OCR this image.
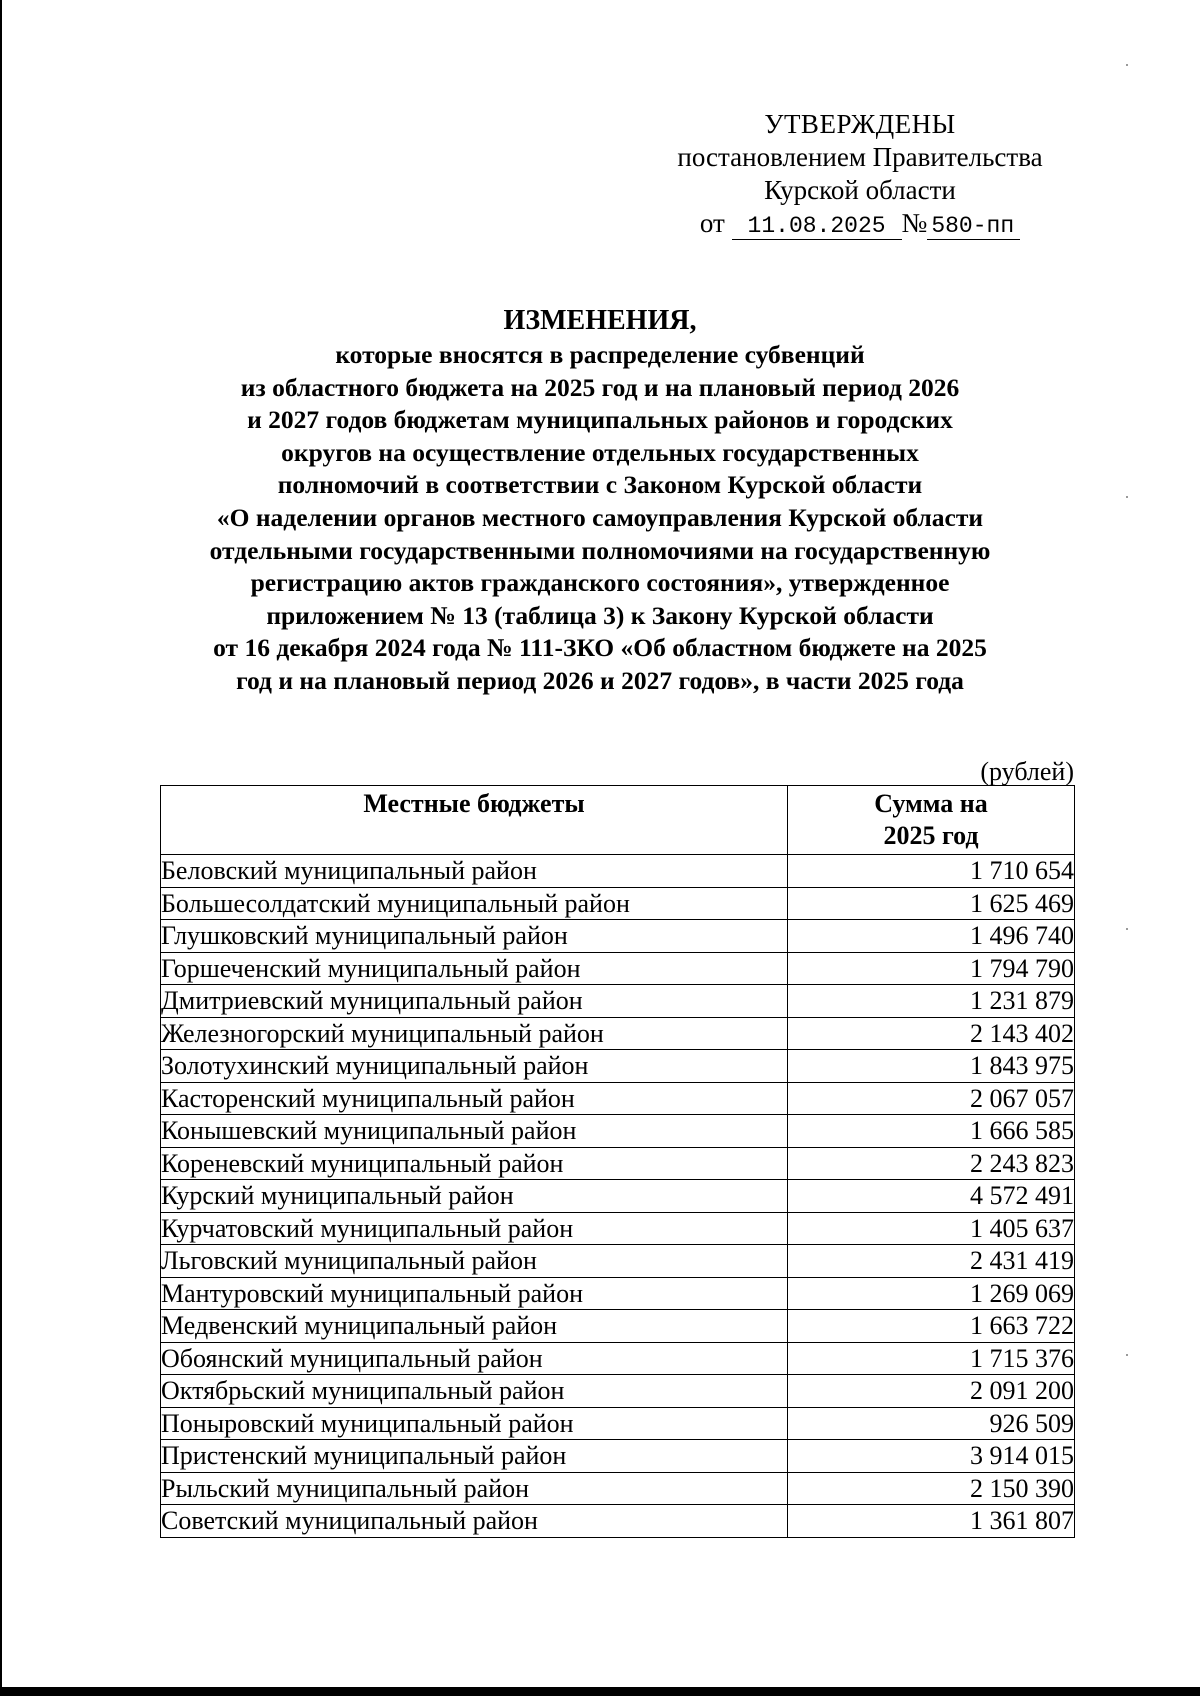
УТВЕРЖДЕНЫ
постановлением Правительства
Курской области
от 11.08.2025 № 580-пп
ИЗМЕНЕНИЯ,
которые вносятся в распределение субвенций
из областного бюджета на 2025 год и на плановый период 2026
и 2027 годов бюджетам муниципальных районов и городских
округов на осуществление отдельных государственных
полномочий в соответствии с Законом Курской области
«О наделении органов местного самоуправления Курской области
отдельными государственными полномочиями на государственную
регистрацию актов гражданского состояния», утвержденное
приложением № 13 (таблица 3) к Закону Курской области
от 16 декабря 2024 года № 111-ЗКО «Об областном бюджете на 2025
год и на плановый период 2026 и 2027 годов», в части 2025 года
(рублей)
Местные бюджеты	Сумма на
2025 год

Беловский муниципальный район	1 710 654
Большесолдатский муниципальный район	1 625 469
Глушковский муниципальный район	1 496 740
Горшеченский муниципальный район	1 794 790
Дмитриевский муниципальный район	1 231 879
Железногорский муниципальный район	2 143 402
Золотухинский муниципальный район	1 843 975
Касторенский муниципальный район	2 067 057
Конышевский муниципальный район	1 666 585
Кореневский муниципальный район	2 243 823
Курский муниципальный район	4 572 491
Курчатовский муниципальный район	1 405 637
Льговский муниципальный район	2 431 419
Мантуровский муниципальный район	1 269 069
Медвенский муниципальный район	1 663 722
Обоянский муниципальный район	1 715 376
Октябрьский муниципальный район	2 091 200
Поныровский муниципальный район	926 509
Пристенский муниципальный район	3 914 015
Рыльский муниципальный район	2 150 390
Советский муниципальный район	1 361 807
